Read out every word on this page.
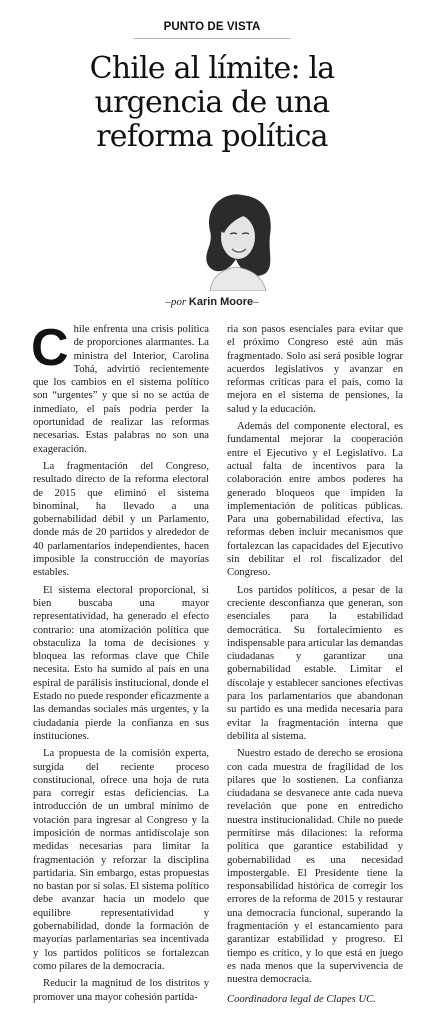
PUNTO DE VISTA
Chile al límite: la
urgencia de una
reforma política
–por Karin Moore–

Chile enfrenta una crisis política de proporciones alarmantes. La ministra del Interior, Carolina Tohá, advirtió recientemente que los cambios en el sistema político son “urgentes” y que si no se actúa de inmediato, el país podría perder la oportunidad de realizar las reformas necesarias. Estas palabras no son una exageración.

La fragmentación del Congreso, resultado directo de la reforma electoral de 2015 que eliminó el sistema binominal, ha llevado a una gobernabilidad débil y un Parlamento, donde más de 20 partidos y alrededor de 40 parlamentarios independientes, hacen imposible la construcción de mayorías estables.

El sistema electoral proporcional, si bien buscaba una mayor representatividad, ha generado el efecto contrario: una atomización política que obstaculiza la toma de decisiones y bloquea las reformas clave que Chile necesita. Esto ha sumido al país en una espiral de parálisis institucional, donde el Estado no puede responder eficazmente a las demandas sociales más urgentes, y la ciudadanía pierde la confianza en sus instituciones.

La propuesta de la comisión experta, surgida del reciente proceso constitucional, ofrece una hoja de ruta para corregir estas deficiencias. La introducción de un umbral mínimo de votación para ingresar al Congreso y la imposición de normas antidíscolaje son medidas necesarias para limitar la fragmentación y reforzar la disciplina partidaria. Sin embargo, estas propuestas no bastan por sí solas. El sistema político debe avanzar hacia un modelo que equilibre representatividad y gobernabilidad, donde la formación de mayorías parlamentarias sea incentivada y los partidos políticos se fortalezcan como pilares de la democracia.

Reducir la magnitud de los distritos y promover una mayor cohesión partida-

ria son pasos esenciales para evitar que el próximo Congreso esté aún más fragmentado. Solo así será posible lograr acuerdos legislativos y avanzar en reformas críticas para el país, como la mejora en el sistema de pensiones, la salud y la educación.

Además del componente electoral, es fundamental mejorar la cooperación entre el Ejecutivo y el Legislativo. La actual falta de incentivos para la colaboración entre ambos poderes ha generado bloqueos que impiden la implementación de políticas públicas. Para una gobernabilidad efectiva, las reformas deben incluir mecanismos que fortalezcan las capacidades del Ejecutivo sin debilitar el rol fiscalizador del Congreso.

Los partidos políticos, a pesar de la creciente desconfianza que generan, son esenciales para la estabilidad democrática. Su fortalecimiento es indispensable para articular las demandas ciudadanas y garantizar una gobernabilidad estable. Limitar el díscolaje y establecer sanciones efectivas para los parlamentarios que abandonan su partido es una medida necesaria para evitar la fragmentación interna que debilita al sistema.

Nuestro estado de derecho se erosiona con cada muestra de fragilidad de los pilares que lo sostienen. La confianza ciudadana se desvanece ante cada nueva revelación que pone en entredicho nuestra institucionalidad. Chile no puede permitirse más dilaciones: la reforma política que garantice estabilidad y gobernabilidad es una necesidad impostergable. El Presidente tiene la responsabilidad histórica de corregir los errores de la reforma de 2015 y restaurar una democracia funcional, superando la fragmentación y el estancamiento para garantizar estabilidad y progreso. El tiempo es crítico, y lo que está en juego es nada menos que la supervivencia de nuestra democracia.

Coordinadora legal de Clapes UC.
